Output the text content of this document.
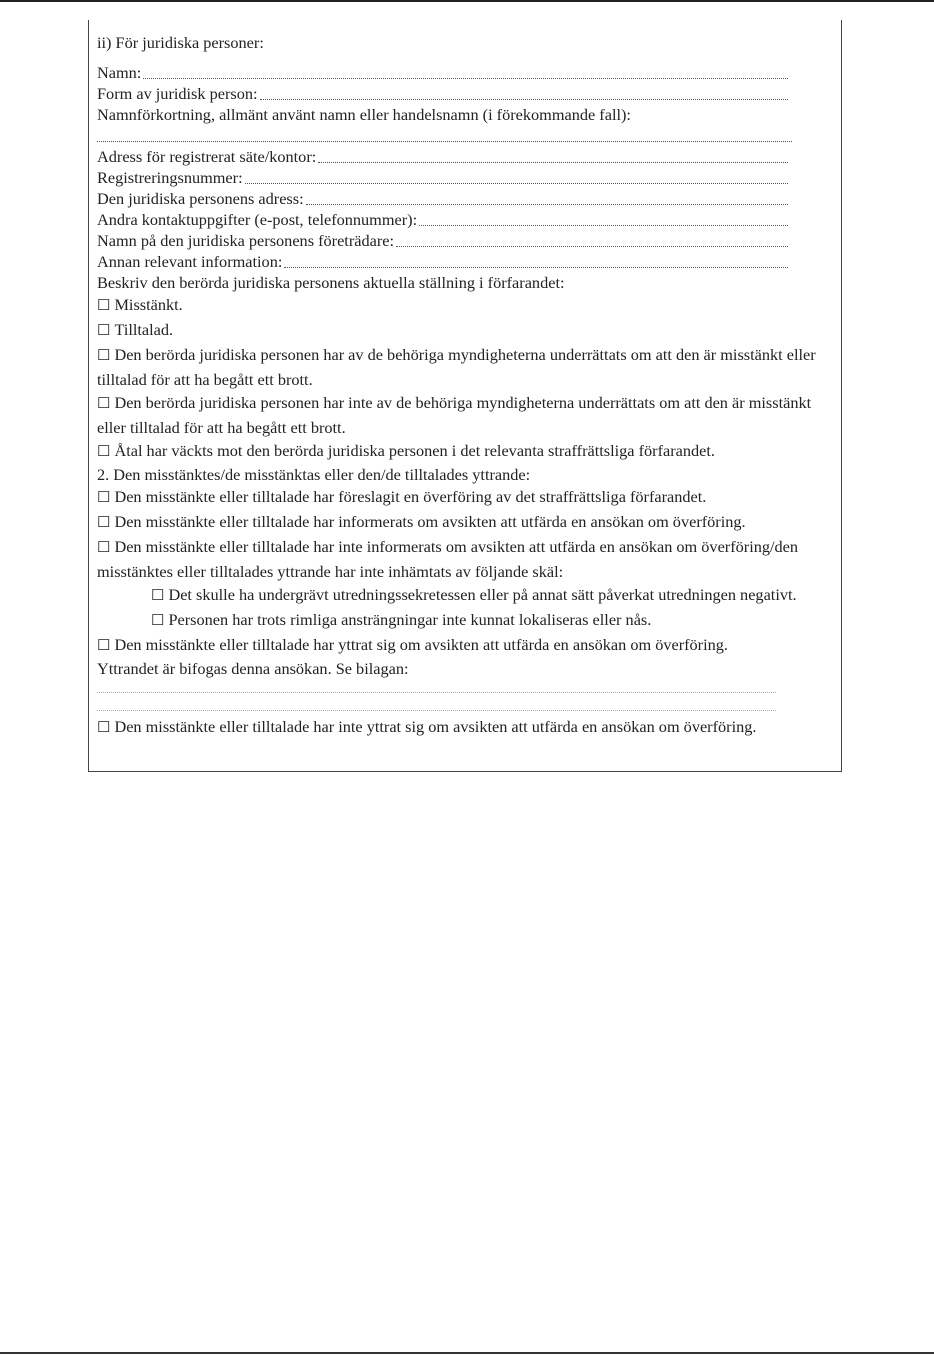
ii) För juridiska personer:
Namn:
Form av juridisk person:
Namnförkortning, allmänt använt namn eller handelsnamn (i förekommande fall):
Adress för registrerat säte/kontor:
Registreringsnummer:
Den juridiska personens adress:
Andra kontaktuppgifter (e-post, telefonnummer):
Namn på den juridiska personens företrädare:
Annan relevant information:
Beskriv den berörda juridiska personens aktuella ställning i förfarandet:
☐ Misstänkt.
☐ Tilltalad.
☐ Den berörda juridiska personen har av de behöriga myndigheterna underrättats om att den är misstänkt eller tilltalad för att ha begått ett brott.
☐ Den berörda juridiska personen har inte av de behöriga myndigheterna underrättats om att den är misstänkt eller tilltalad för att ha begått ett brott.
☐ Åtal har väckts mot den berörda juridiska personen i det relevanta straffrättsliga förfarandet.
2. Den misstänktes/de misstänktas eller den/de tilltalades yttrande:
☐ Den misstänkte eller tilltalade har föreslagit en överföring av det straffrättsliga förfarandet.
☐ Den misstänkte eller tilltalade har informerats om avsikten att utfärda en ansökan om överföring.
☐ Den misstänkte eller tilltalade har inte informerats om avsikten att utfärda en ansökan om överföring/den misstänktes eller tilltalades yttrande har inte inhämtats av följande skäl:
☐ Det skulle ha undergrävt utredningssekretessen eller på annat sätt påverkat utredningen negativt.
☐ Personen har trots rimliga ansträngningar inte kunnat lokaliseras eller nås.
☐ Den misstänkte eller tilltalade har yttrat sig om avsikten att utfärda en ansökan om överföring.
Yttrandet är bifogas denna ansökan. Se bilagan:
☐ Den misstänkte eller tilltalade har inte yttrat sig om avsikten att utfärda en ansökan om överföring.
